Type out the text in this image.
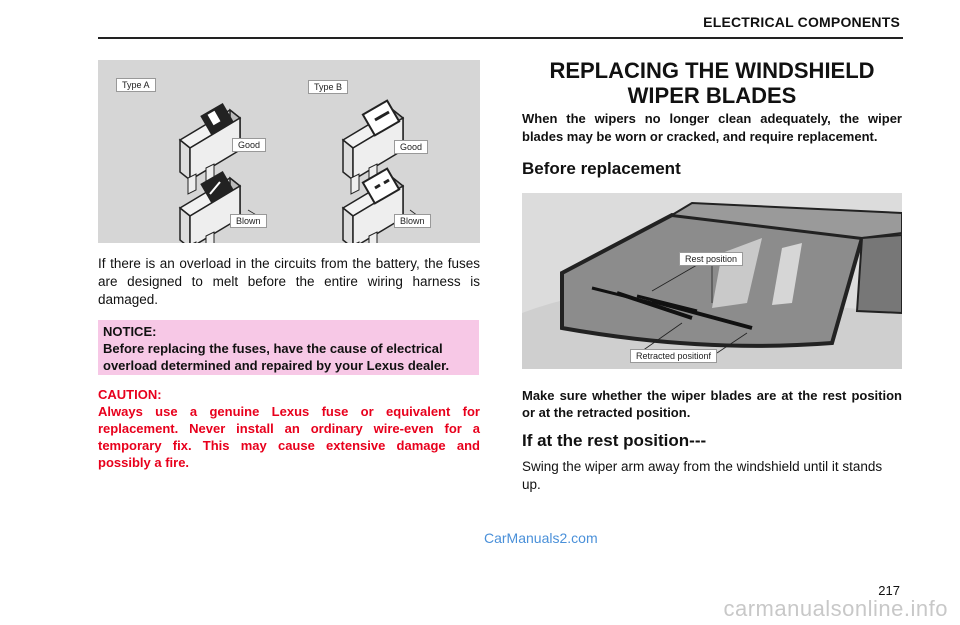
ELECTRICAL COMPONENTS
Type A	Type B
Good	Good
Blown	Blown
If there is an overload in the circuits from the battery, the fuses are designed to melt before the entire wiring harness is damaged.
NOTICE:
Before replacing the fuses, have the cause of electrical overload determined and repaired by your Lexus dealer.
CAUTION:
Always use a genuine Lexus fuse or equivalent for replacement. Never install an ordinary wire-even for a temporary fix. This may cause extensive damage and possibly a fire.
REPLACING THE WINDSHIELD
WIPER BLADES
When the wipers no longer clean adequately, the wiper blades may be worn or cracked, and require replacement.
Before replacement
Rest position
Retracted positionf
Make sure whether the wiper blades are at the rest position or at the retracted position.
If at the rest position---
Swing the wiper arm away from the windshield until it stands up.
CarManuals2.com
217
carmanualsonline.info
